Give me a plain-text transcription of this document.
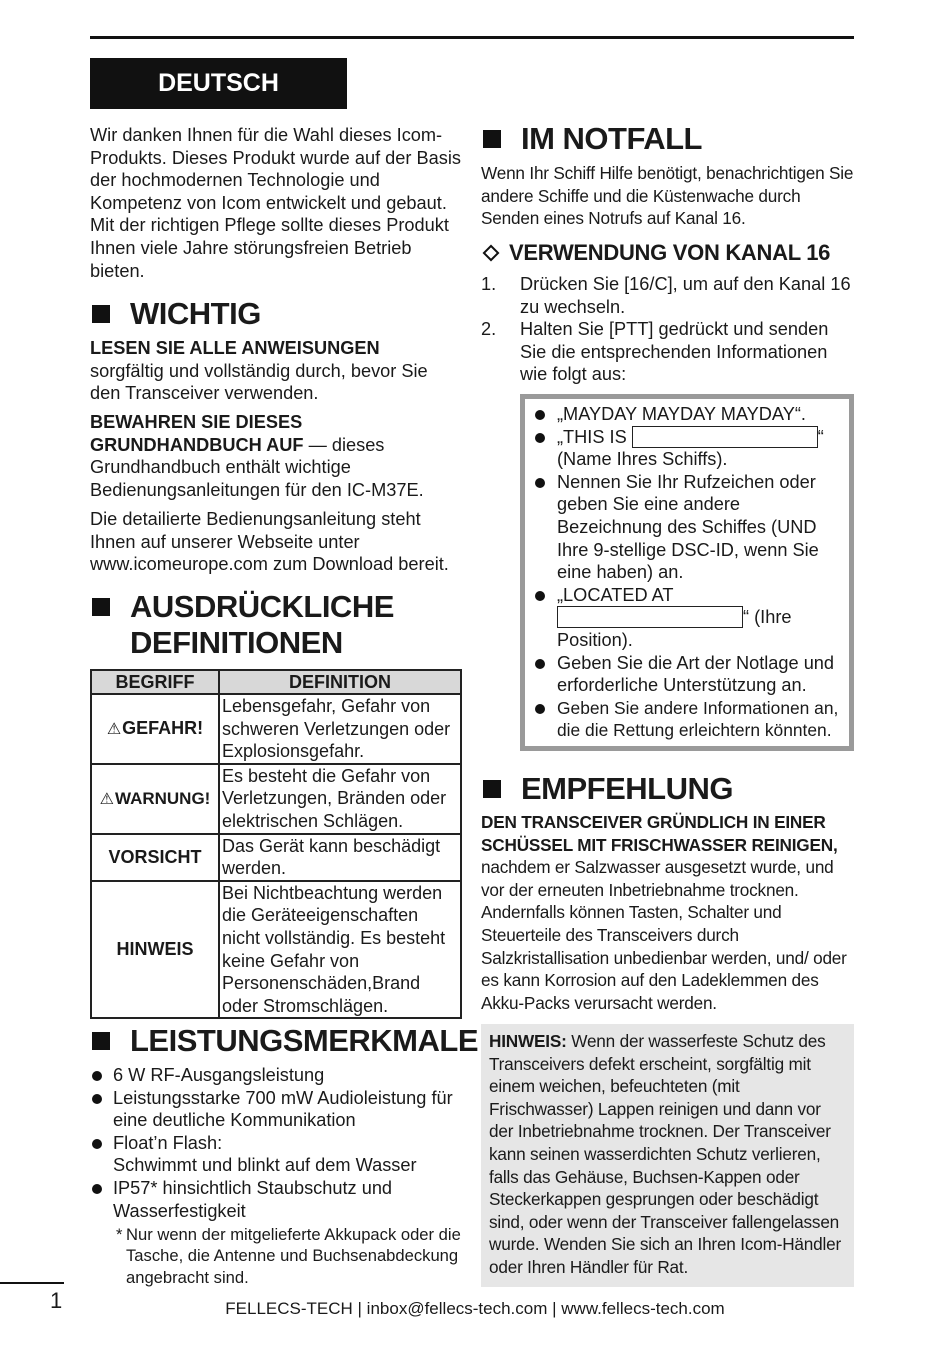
DEUTSCH

Wir danken Ihnen für die Wahl dieses Icom-Produkts. Dieses Produkt wurde auf der Basis der hochmodernen Technologie und Kompetenz von Icom entwickelt und gebaut. Mit der richtigen Pflege sollte dieses Produkt Ihnen viele Jahre störungsfreien Betrieb bieten.

WICHTIG

LESEN SIE ALLE ANWEISUNGEN
sorgfältig und vollständig durch, bevor Sie den Transceiver verwenden.

BEWAHREN SIE DIESES GRUNDHANDBUCH AUF — dieses Grundhandbuch enthält wichtige Bedienungsanleitungen für den IC-M37E.

Die detailierte Bedienungsanleitung steht Ihnen auf unserer Webseite unter www.icomeurope.com zum Download bereit.

AUSDRÜCKLICHE
DEFINITIONEN
BEGRIFF	DEFINITION
⚠GEFAHR!	Lebensgefahr, Gefahr von schweren Verletzungen oder Explosionsgefahr.
⚠WARNUNG!	Es besteht die Gefahr von Verletzungen, Bränden oder elektrischen Schlägen.
VORSICHT	Das Gerät kann beschädigt werden.
HINWEIS	Bei Nichtbeachtung werden die Geräteeigenschaften nicht vollständig. Es besteht keine Gefahr von Personenschäden,Brand oder Stromschlägen.
LEISTUNGSMERKMALE
6 W RF-Ausgangsleistung
Leistungsstarke 700 mW Audioleistung für eine deutliche Kommunikation
Float’n Flash:
Schwimmt und blinkt auf dem Wasser
IP57* hinsichtlich Staubschutz und Wasserfestigkeit

* Nur wenn der mitgelieferte Akkupack oder die Tasche, die Antenne und Buchsenabdeckung angebracht sind.

IM NOTFALL

Wenn Ihr Schiff Hilfe benötigt, benachrichtigen Sie andere Schiffe und die Küstenwache durch Senden eines Notrufs auf Kanal 16.

VERWENDUNG VON KANAL 16
1. Drücken Sie [16/C], um auf den Kanal 16 zu wechseln.
2. Halten Sie [PTT] gedrückt und senden Sie die entsprechenden Informationen wie folgt aus:
„MAYDAY MAYDAY MAYDAY“.
„THIS IS	“
(Name Ihres Schiffs).
Nennen Sie Ihr Rufzeichen oder geben Sie eine andere Bezeichnung des Schiffes (UND Ihre 9-stellige DSC-ID, wenn Sie eine haben) an.
„LOCATED AT
“ (Ihre
Position).
Geben Sie die Art der Notlage und erforderliche Unterstützung an.
Geben Sie andere Informationen an, die die Rettung erleichtern könnten.
EMPFEHLUNG

DEN TRANSCEIVER GRÜNDLICH IN EINER SCHÜSSEL MIT FRISCHWASSER REINIGEN, nachdem er Salzwasser ausgesetzt wurde, und vor der erneuten Inbetriebnahme trocknen. Andernfalls können Tasten, Schalter und Steuerteile des Transceivers durch Salzkristallisation unbedienbar werden, und/ oder es kann Korrosion auf den Ladeklemmen des Akku-Packs verursacht werden.

HINWEIS: Wenn der wasserfeste Schutz des Transceivers defekt erscheint, sorgfältig mit einem weichen, befeuchteten (mit Frischwasser) Lappen reinigen und dann vor der Inbetriebnahme trocknen. Der Transceiver kann seinen wasserdichten Schutz verlieren, falls das Gehäuse, Buchsen-Kappen oder Steckerkappen gesprungen oder beschädigt sind, oder wenn der Transceiver fallengelassen wurde. Wenden Sie sich an Ihren Icom-Händler oder Ihren Händler für Rat.
1	FELLECS-TECH | inbox@fellecs-tech.com | www.fellecs-tech.com
